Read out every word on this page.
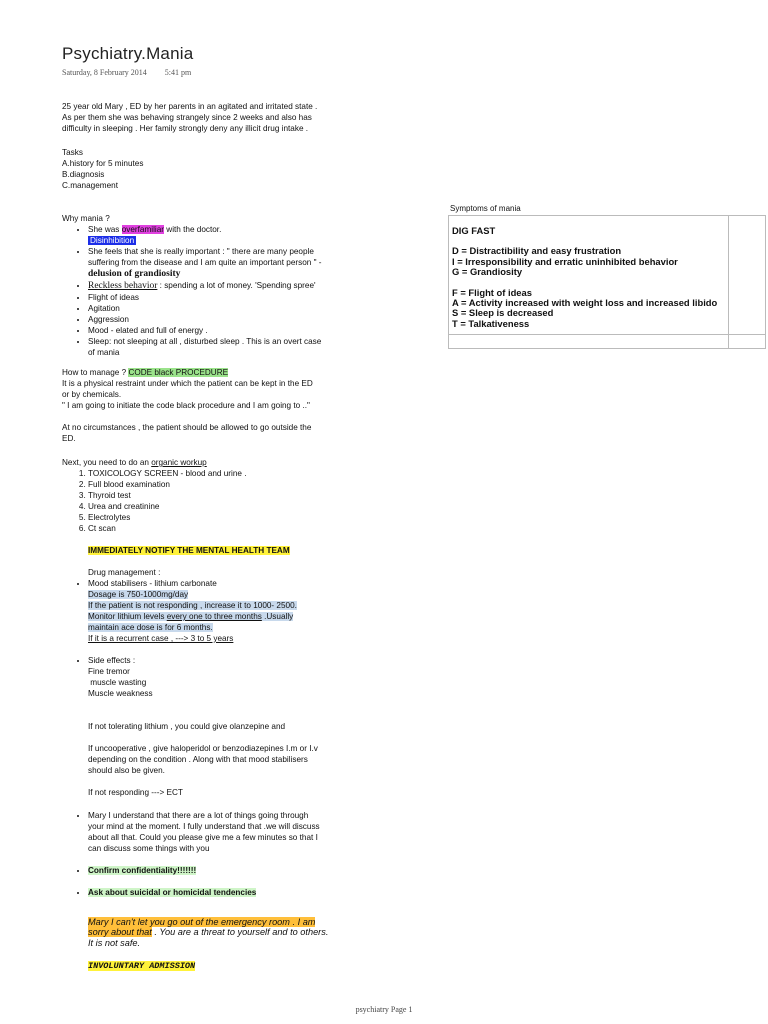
Psychiatry.Mania
Saturday, 8 February 2014 5:41 pm

25 year old Mary , ED by her parents in an agitated and irritated state .

As per them she was behaving strangely since 2 weeks and also has

difficulty in sleeping . Her family strongly deny any illicit drug intake .

Tasks

A.history for 5 minutes

B.diagnosis

C.management

Why mania ?

• She was overfamiliar with the doctor.
Disinhibition
• She feels that she is really important : " there are many people
suffering from the disease and I am quite an important person " -
delusion of grandiosity
• Reckless behavior : spending a lot of money. 'Spending spree'
• Flight of ideas
• Agitation
• Aggression
• Mood - elated and full of energy .
• Sleep: not sleeping at all , disturbed sleep . This is an overt case
of mania

How to manage ? CODE black PROCEDURE

It is a physical restraint under which the patient can be kept in the ED

or by chemicals.

" I am going to initiate the code black procedure and I am going to .."

At no circumstances , the patient should be allowed to go outside the

ED.

Next, you need to do an organic workup

1. TOXICOLOGY SCREEN - blood and urine .
2. Full blood examination
3. Thyroid test
4. Urea and creatinine
5. Electrolytes
6. Ct scan

IMMEDIATELY NOTIFY THE MENTAL HEALTH TEAM

Drug management :

• Mood stabilisers - lithium carbonate
Dosage is 750-1000mg/day
If the patient is not responding , increase it to 1000- 2500.
Monitor lithium levels every one to three months .Usually
maintain ace dose is for 6 months.
If it is a recurrent case , ---> 3 to 5 years
• Side effects :
Fine tremor
muscle wasting
Muscle weakness

If not tolerating lithium , you could give olanzepine and

If uncooperative , give haloperidol or benzodiazepines I.m or I.v

depending on the condition . Along with that mood stabilisers

should also be given.

If not responding ---> ECT

• Mary I understand that there are a lot of things going through
your mind at the moment. I fully understand that .we will discuss
about all that. Could you please give me a few minutes so that I
can discuss some things with you
• Confirm confidentiality!!!!!!!
• Ask about suicidal or homicidal tendencies

Mary I can't let you go out of the emergency room . I am

sorry about that . You are a threat to yourself and to others.

It is not safe.

INVOLUNTARY ADMISSION

Symptoms of mania

DIG FAST

D = Distractibility and easy frustration

I = Irresponsibility and erratic uninhibited behavior

G = Grandiosity

F = Flight of ideas

A = Activity increased with weight loss and increased libido

S = Sleep is decreased

T = Talkativeness

psychiatry Page 1
